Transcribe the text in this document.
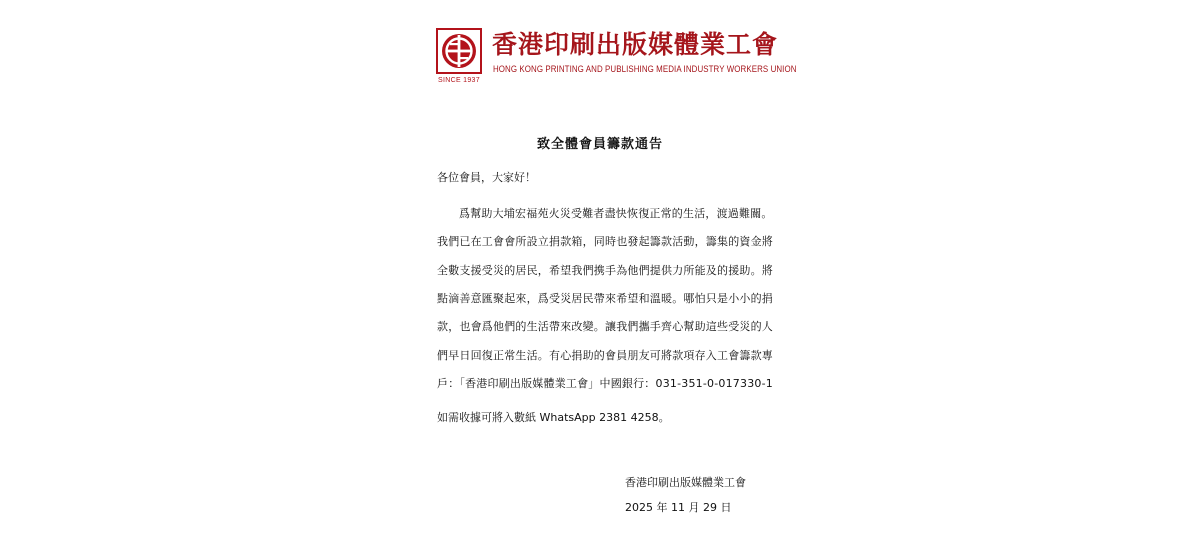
SINCE 1937
香港印刷出版媒體業工會
HONG KONG PRINTING AND PUBLISHING MEDIA INDUSTRY WORKERS UNION
致全體會員籌款通告
各位會員，大家好！
爲幫助大埔宏福苑火災受難者盡快恢復正常的生活，渡過難關。
我們已在工會會所設立捐款箱，同時也發起籌款活動，籌集的資金將
全數支援受災的居民，希望我們携手為他們提供力所能及的援助。將
點滴善意匯聚起來，爲受災居民帶來希望和溫暖。哪怕只是小小的捐
款，也會爲他們的生活帶來改變。讓我們攜手齊心幫助這些受災的人
們早日回復正常生活。有心捐助的會員朋友可將款項存入工會籌款專
戶：「香港印刷出版媒體業工會」中國銀行：031-351-0-017330-1
如需收據可將入數紙 WhatsApp 2381 4258。
香港印刷出版媒體業工會
2025 年 11 月 29 日
